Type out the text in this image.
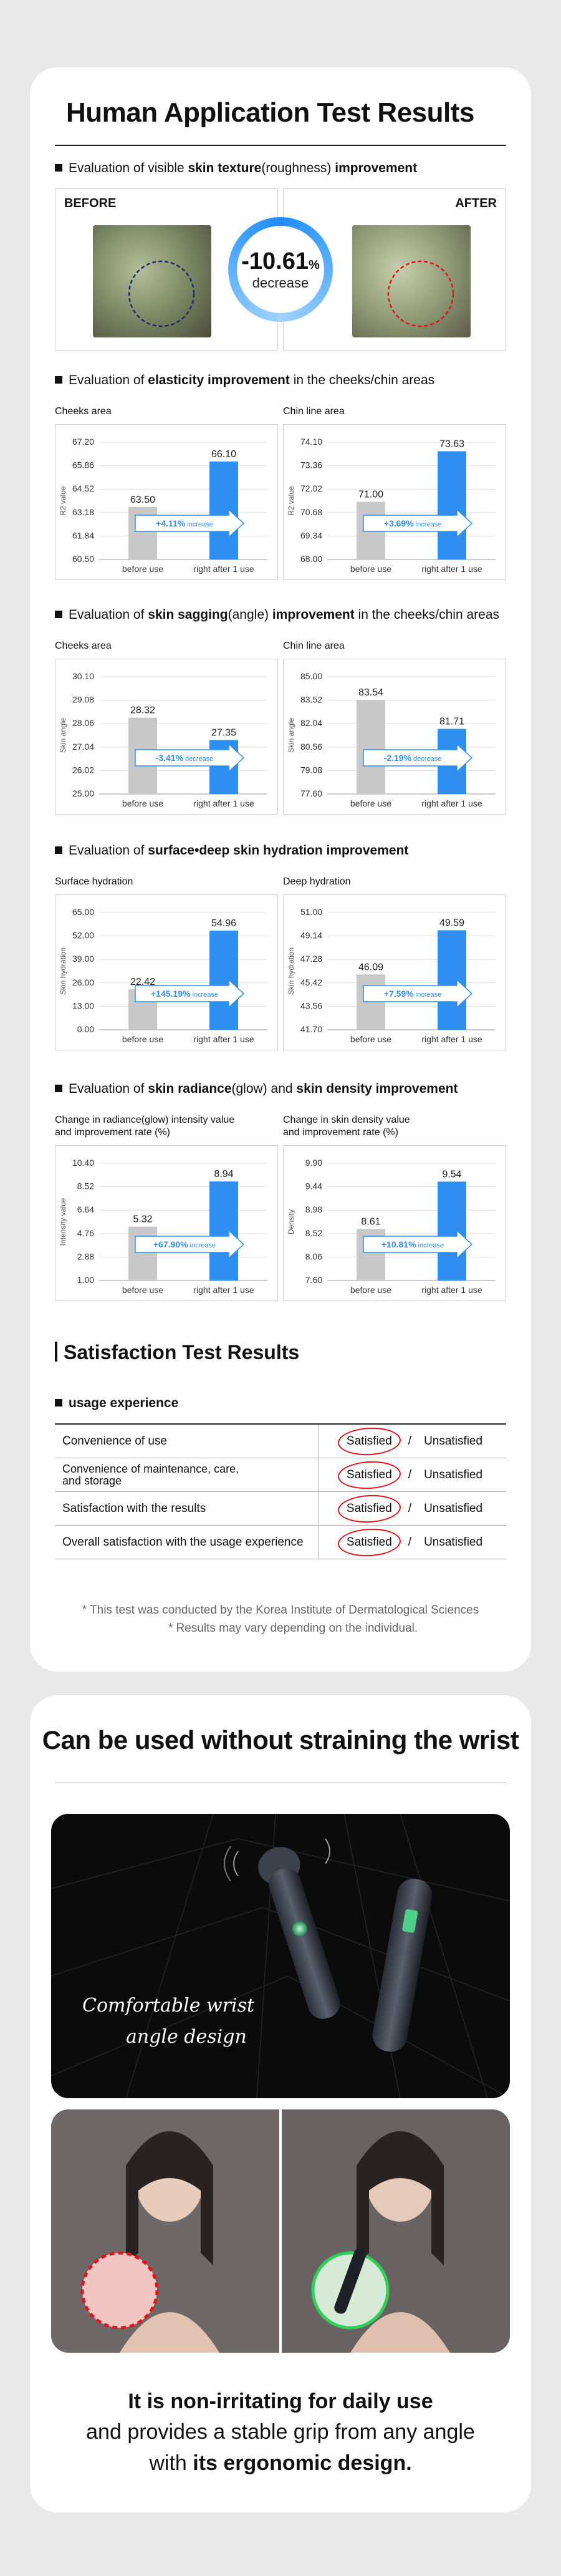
Human Application Test Results
Evaluation of visible skin texture(roughness) improvement
BEFORE	AFTER
-10.61%
decrease
Evaluation of elasticity improvement in the cheeks/chin areas
Evaluation of skin sagging(angle) improvement in the cheeks/chin areas
Evaluation of surface•deep skin hydration improvement
Evaluation of skin radiance(glow) and skin density improvement
Cheeks area
R2 value
67.20
65.86
64.52
63.18
61.84
60.50
63.50
before use
66.10
right after 1 use
+4.11% increase
Chin line area
R2 value
74.10
73.36
72.02
70.68
69.34
68.00
71.00
before use
73.63
right after 1 use
+3.69% increase
Cheeks area
Skin angle
30.10
29.08
28.06
27.04
26.02
25.00
28.32
before use
27.35
right after 1 use
-3.41% decrease
Chin line area
Skin angle
85.00
83.52
82.04
80.56
79.08
77.60
83.54
before use
81.71
right after 1 use
-2.19% decrease
Surface hydration
Skin hydration
65.00
52.00
39.00
26.00
13.00
0.00
22.42
before use
54.96
right after 1 use
+145.19% increase
Deep hydration
Skin hydration
51.00
49.14
47.28
45.42
43.56
41.70
46.09
before use
49.59
right after 1 use
+7.59% increase
Change in radiance(glow) intensity value
and improvement rate (%)
Intensity value
10.40
8.52
6.64
4.76
2.88
1.00
5.32
before use
8.94
right after 1 use
+67.90% increase
Change in skin density value
and improvement rate (%)
Density
9.90
9.44
8.98
8.52
8.06
7.60
8.61
before use
9.54
right after 1 use
+10.81% increase
Satisfaction Test Results
usage experience
Convenience of use	Satisfied	/ Unsatisfied
Convenience of maintenance, care,
and storage	Satisfied	/ Unsatisfied
Satisfaction with the results	Satisfied	/ Unsatisfied
Overall satisfaction with the usage experience	Satisfied	/ Unsatisfied
* This test was conducted by the Korea Institute of Dermatological Sciences
* Results may vary depending on the individual.
Can be used without straining the wrist
Comfortable wrist
angle design
It is non-irritating for daily use
and provides a stable grip from any angle
with its ergonomic design.
